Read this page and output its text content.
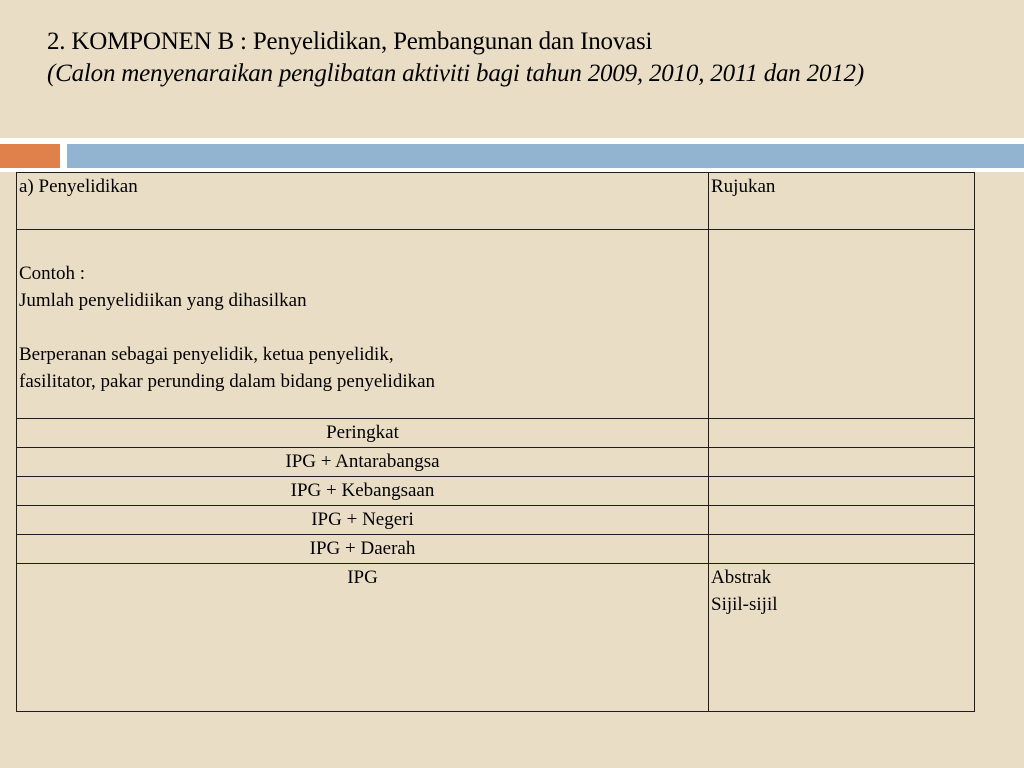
2. KOMPONEN B : Penyelidikan, Pembangunan dan Inovasi
(Calon menyenaraikan penglibatan aktiviti bagi tahun 2009, 2010, 2011 dan 2012)
a) Penyelidikan	Rujukan

Contoh :
Jumlah penyelidiikan yang dihasilkan
Berperanan sebagai penyelidik, ketua penyelidik, fasilitator, pakar perunding dalam bidang penyelidikan	

Peringkat	
IPG + Antarabangsa	
IPG + Kebangsaan	
IPG + Negeri	
IPG + Daerah	
IPG	Abstrak
Sijil-sijil
